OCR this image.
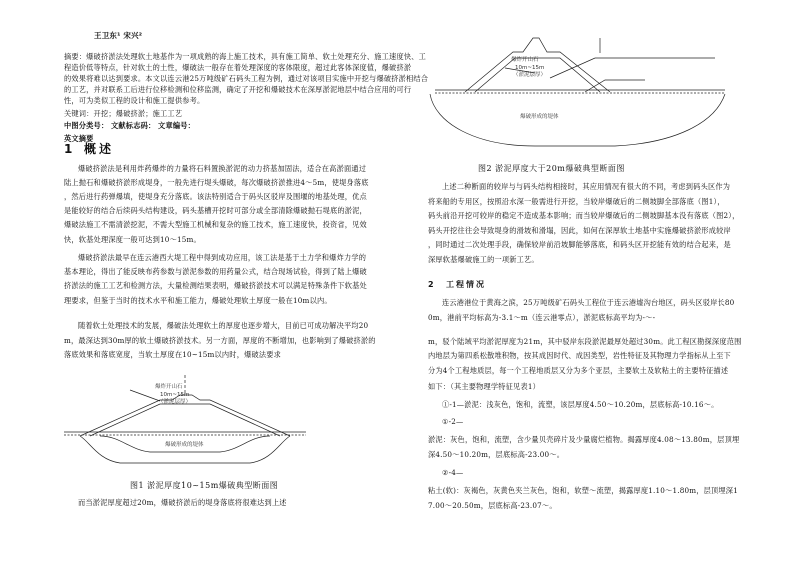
王卫东¹ 宋兴²
摘要：爆破挤淤法处理软土地基作为一项成熟的海上施工技术，具有施工简单、软土处理充分、施工速度快、工
程造价低等特点，针对软土的土性，爆破法一般存在着处理深度的客体限度，超过此客体深度值，爆破挤淤
的效果将难以达到要求。本文以连云港25万吨级矿石码头工程为例，通过对该项目实施中开挖与爆破挤淤相结合
的工艺，并对联系工后进行位移检测和位移监测，确定了开挖和爆破技术在深厚淤泥地层中结合应用的可行
性，可为类似工程的设计和施工提供参考。
关键词：开挖；爆破挤淤；施工工艺
中图分类号： 文献标志码： 文章编号：
英文摘要
1 概述
爆破挤淤法是利用炸药爆炸的力量将石料置换淤泥的动力挤基加固法，适合在高淤面通过
陆上抛石和爆破挤淤形成堤身，一般先进行堤头爆破，每次爆破挤淤推进4～5m，使堤身落底
，然后进行药弹爆填，使堤身充分落底。该法特别适合于码头区驳岸及围堰的地基处理，优点
是能较好的结合后续码头结构建设，码头基槽开挖时可部分或全部清除爆破抛石堤底的淤泥，
爆破法施工不需清淤挖泥，不需大型施工机械和复杂的施工技术，施工速度快，投资省，见效
快，软基处理深度一般可达到10～15m。
爆破挤淤法最早在连云港西大堤工程中得到成功应用，该工法是基于土力学和爆炸力学的
基本理论，得出了能反映布药参数与淤泥参数的用药量公式，结合现场试验，得到了陆上爆破
挤淤法的施工工艺和检测方法，大量检测结果表明，爆破挤淤技术可以满足特殊条件下软基处
理要求，但鉴于当时的技术水平和施工能力，爆破处理软土厚度一般在10m以内。
随着软土处理技术的发展，爆破法处理软土的厚度也逐步增大，目前已可成功解决平均20
m，最深达到30m厚的软土爆破挤淤技术。另一方面，厚度的不断增加，也影响到了爆破挤淤的
落底效果和落底宽度，当软土厚度在10~15m以内时，爆破法要求
爆炸开山石
10m~15m
（淤泥层厚）
爆破形成的堤体
图1 淤泥厚度10~15m爆破典型断面图
而当淤泥厚度超过20m，爆破挤淤后的堤身落底将很难达到上述
爆炸开山石
10m~15m
（淤泥层厚）
爆破形成的堤体
图2 淤泥厚度大于20m爆破典型断面图
上述二种断面的较岸与与码头结构相接时，其应用情况有很大的不同，考虑到码头区作为
将来船的专用区，按照沿水深一般需进行开挖，当较岸爆破后的二侧坡脚全部落底（图1），
码头前沿开挖可较岸的稳定不造成基本影响；而当较岸爆破后的二侧坡脚基本没有落底（图2），
码头开挖往往会导致堤身的滑坡和滑塌，因此，如何在深厚软土地基中实施爆破挤淤形成较岸
，同时通过二次处理手段，确保较岸前沿坡脚能够落底，和码头区开挖能有效的结合起来，是
深厚软基爆破施工的一项新工艺。
2 工程情况
连云港港位于黄海之滨，25万吨级矿石码头工程位于连云港墟沟台地区，码头区驳岸长80
0m，港前平均标高为-3.1～m（连云港零点），淤泥底标高平均为-～-
m，驳个陆域平均淤泥厚度为21m，其中驳岸东段淤泥最厚处超过30m。此工程区勘探深度范围
内地层为第四系松散堆积物，按其成因时代、成因类型，岩性特征及其物理力学指标从上至下
分为4个工程地质层，每一个工程地质层又分为多个亚层，主要软土及软粘土的主要特征描述
如下：（其主要物理学特征见表1）
①-1—淤泥：浅灰色，饱和，流塑，该层厚度4.50～10.20m，层底标高-10.16～。
①-2—
淤泥：灰色，饱和，流塑，含少量贝壳碎片及少量腐烂植物。揭露厚度4.08～13.80m，层顶埋
深4.50～10.20m，层底标高-23.00～。
②-4—
粘土(软)：灰褐色，灰黄色夹兰灰色，饱和，软塑～流塑，揭露厚度1.10～1.80m，层顶埋深1
7.00～20.50m，层底标高-23.07～。
